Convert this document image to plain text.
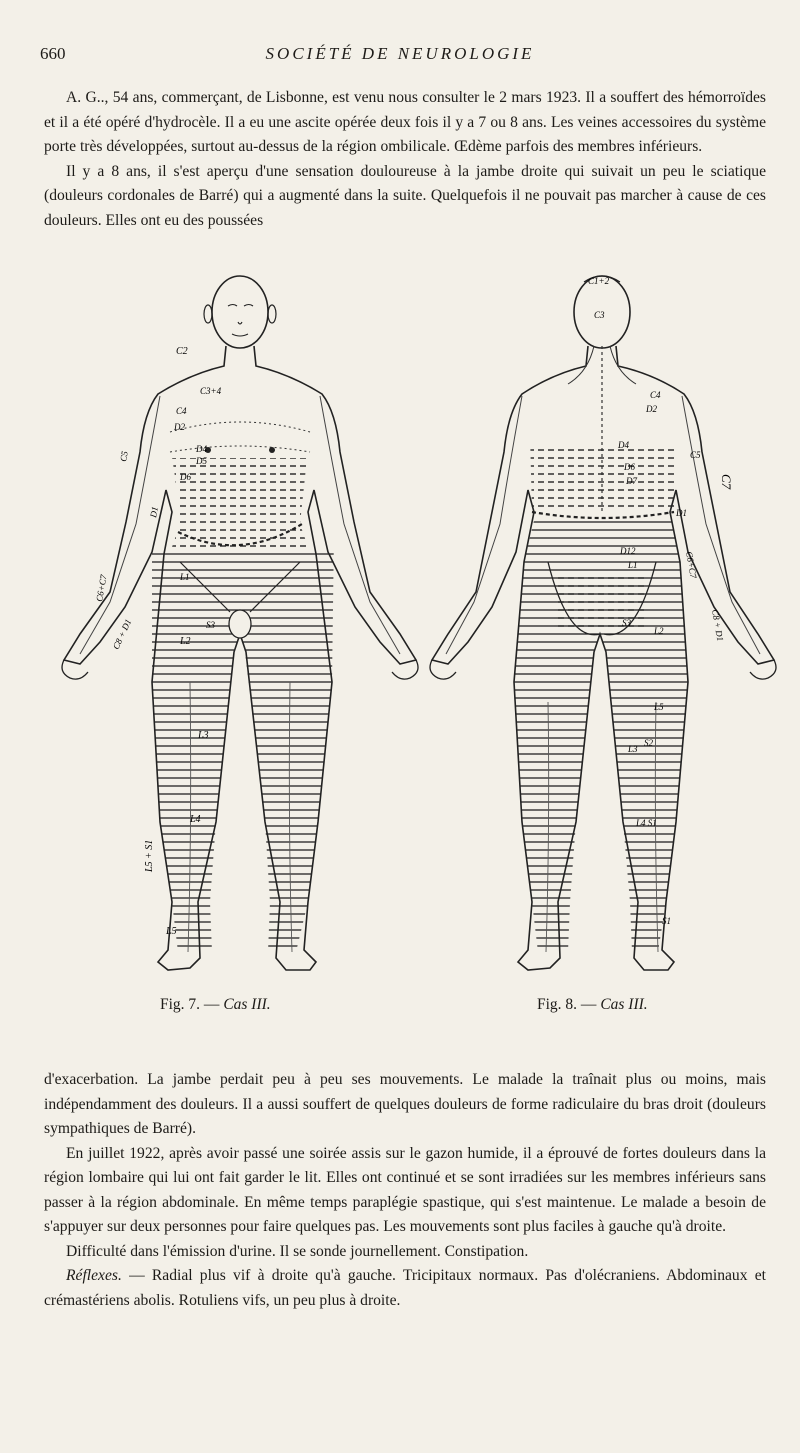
660	SOCIÉTÉ DE NEUROLOGIE

A. G.., 54 ans, commerçant, de Lisbonne, est venu nous consulter le 2 mars 1923. Il a souffert des hémorroïdes et il a été opéré d'hydrocèle. Il a eu une ascite opérée deux fois il y a 7 ou 8 ans. Les veines accessoires du système porte très développées, surtout au-dessus de la région ombilicale. Œdème parfois des membres inférieurs.

Il y a 8 ans, il s'est aperçu d'une sensation douloureuse à la jambe droite qui suivait un peu le sciatique (douleurs cordonales de Barré) qui a augmenté dans la suite. Quelquefois il ne pouvait pas marcher à cause de ces douleurs. Elles ont eu des poussées

C2
C3+4
C4
D2
D4
D5
D6
D1
C5
C6+C7
C8 + D1
L1
L2
L3
L4
L5
L5 + S1
S3
C1+2
C3
C4
D2
D4
D6
D7
D12
L1
S3
L2
L5
S2
L3
S1
L4 S1
C5
C7
C6+C7
C8 + D1
D1
Fig. 7. — Cas III.	Fig. 8. — Cas III.

d'exacerbation. La jambe perdait peu à peu ses mouvements. Le malade la traînait plus ou moins, mais indépendamment des douleurs. Il a aussi souffert de quelques douleurs de forme radiculaire du bras droit (douleurs sympathiques de Barré).

En juillet 1922, après avoir passé une soirée assis sur le gazon humide, il a éprouvé de fortes douleurs dans la région lombaire qui lui ont fait garder le lit. Elles ont continué et se sont irradiées sur les membres inférieurs sans passer à la région abdominale. En même temps paraplégie spastique, qui s'est maintenue. Le malade a besoin de s'appuyer sur deux personnes pour faire quelques pas. Les mouvements sont plus faciles à gauche qu'à droite.

Difficulté dans l'émission d'urine. Il se sonde journellement. Constipation.

Réflexes. — Radial plus vif à droite qu'à gauche. Tricipitaux normaux. Pas d'olécraniens. Abdominaux et crémastériens abolis. Rotuliens vifs, un peu plus à droite.
